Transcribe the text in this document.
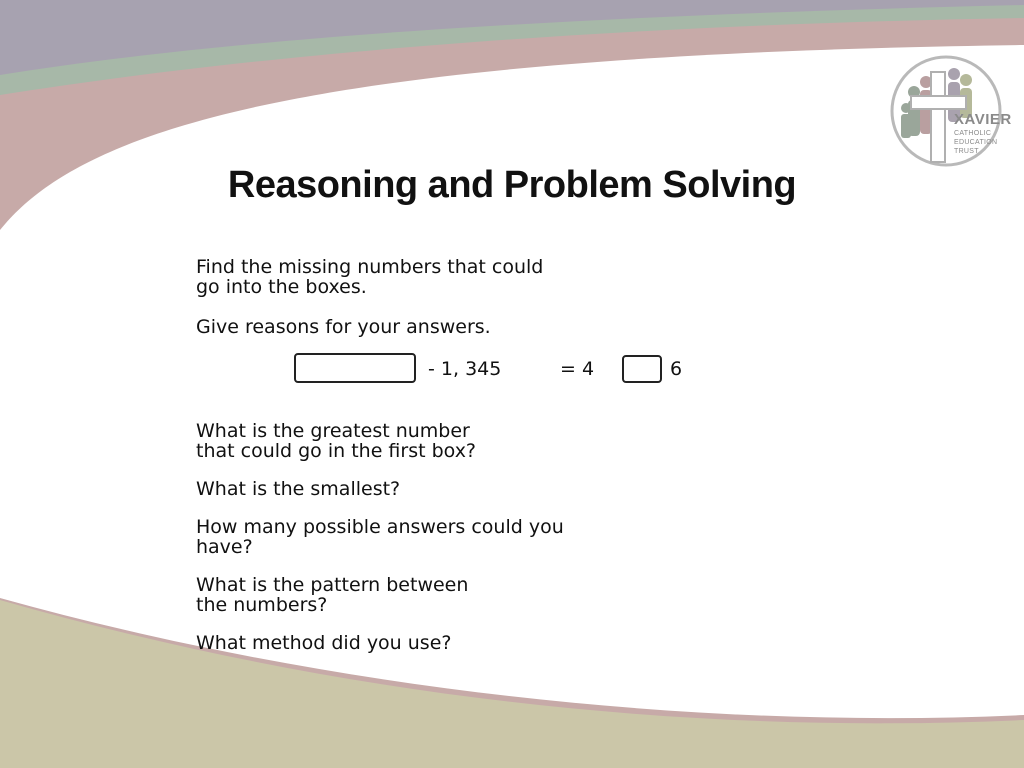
XAVIER
CATHOLIC
EDUCATION
TRUST
Reasoning and Problem Solving

Find the missing numbers that could

go into the boxes.

Give reasons for your answers.

What is the greatest number

that could go in the first box?

What is the smallest?

How many possible answers could you

have?

What is the pattern between

the numbers?

What method did you use?

- 1, 345	= 4	6
